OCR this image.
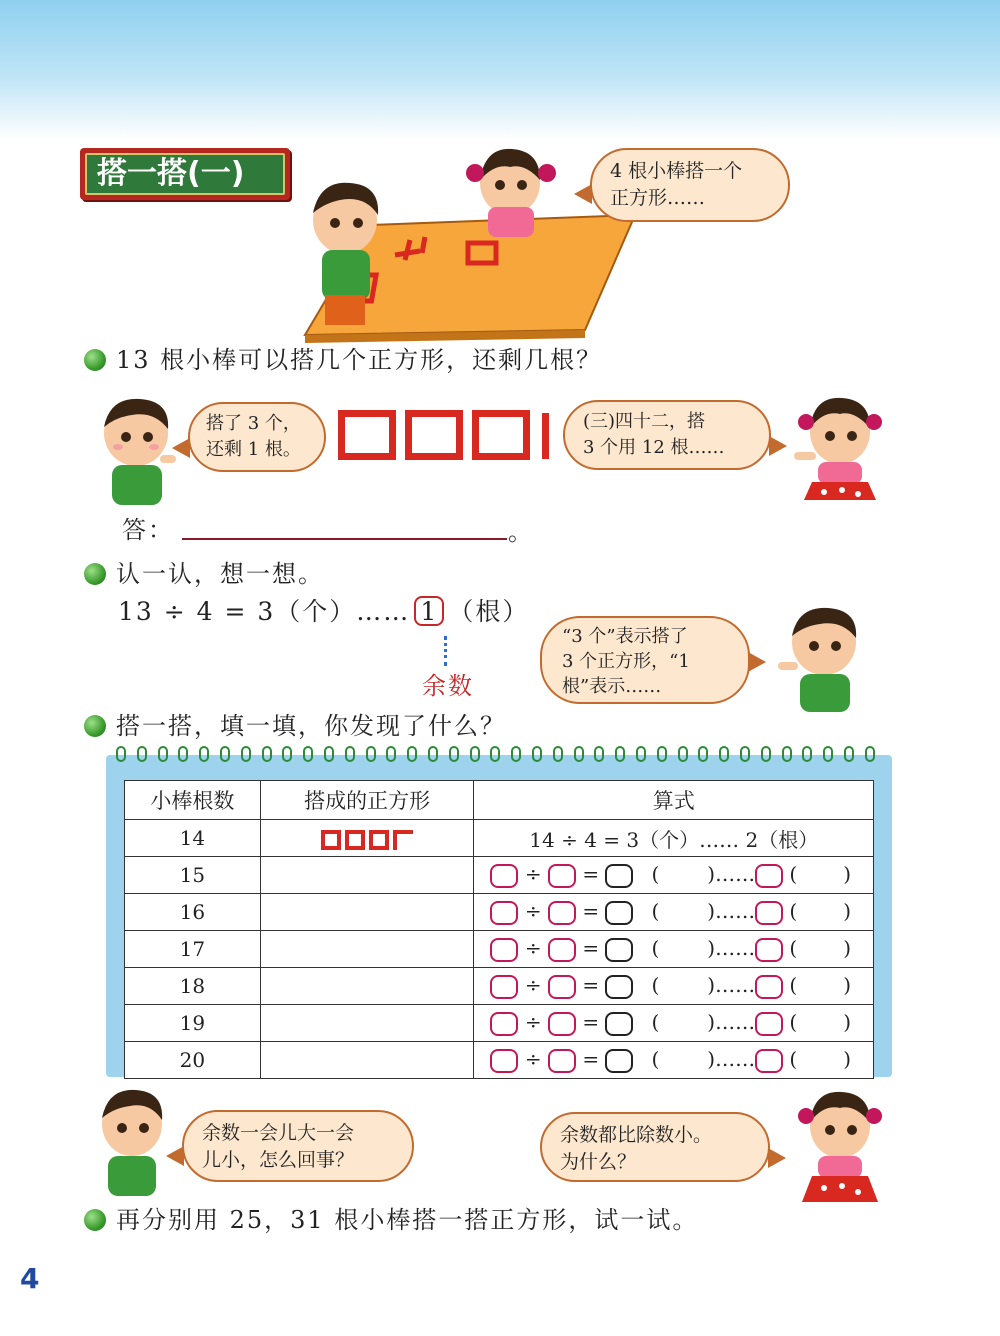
搭一搭(一)	4 根小棒搭一个
正方形……
13 根小棒可以搭几个正方形，还剩几根？
搭了 3 个，
还剩 1 根。
(三)四十二，搭
3 个用 12 根……
答：	。
认一认，想一想。
13 ÷ 4 = 3（个）…… 1 （根）
余数
“3 个”表示搭了
3 个正方形，“1
根”表示……
搭一搭，填一填，你发现了什么？
小棒根数	搭成的正方形	算式
14		14 ÷ 4 = 3（个）…… 2（根）
15		÷  = ( )…… ( )
16		÷  = ( )…… ( )
17		÷  = ( )…… ( )
18		÷  = ( )…… ( )
19		÷  = ( )…… ( )
20		÷  = ( )…… ( )
余数一会儿大一会
儿小，怎么回事？
余数都比除数小。
为什么？
再分别用 25，31 根小棒搭一搭正方形，试一试。
4
